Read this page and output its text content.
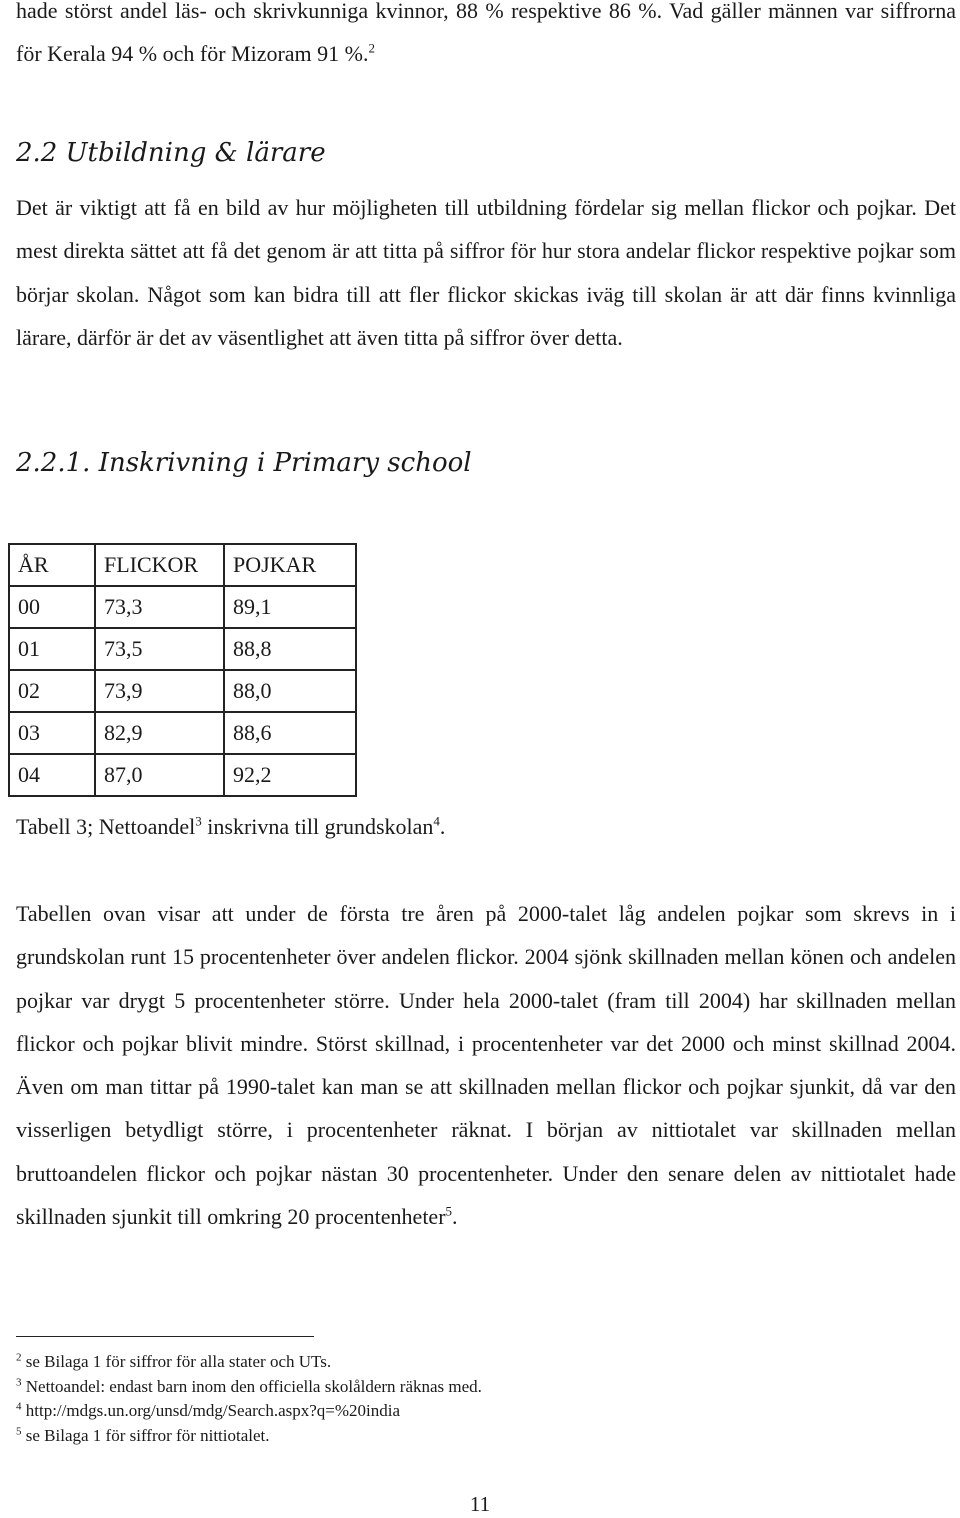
hade störst andel läs- och skrivkunniga kvinnor, 88 % respektive 86 %. Vad gäller männen var siffrorna för Kerala 94 % och för Mizoram 91 %.$^2$

2.2 Utbildning & lärare

Det är viktigt att få en bild av hur möjligheten till utbildning fördelar sig mellan flickor och pojkar. Det mest direkta sättet att få det genom är att titta på siffror för hur stora andelar flickor respektive pojkar som börjar skolan. Något som kan bidra till att fler flickor skickas iväg till skolan är att där finns kvinnliga lärare, därför är det av väsentlighet att även titta på siffror över detta.

2.2.1. Inskrivning i Primary school
ÅR	FLICKOR	POJKAR
00	73,3	89,1
01	73,5	88,8
02	73,9	88,0
03	82,9	88,6
04	87,0	92,2
Tabell 3; Nettoandel$^3$ inskrivna till grundskolan$^4$.

Tabellen ovan visar att under de första tre åren på 2000-talet låg andelen pojkar som skrevs in i grundskolan runt 15 procentenheter över andelen flickor. 2004 sjönk skillnaden mellan könen och andelen pojkar var drygt 5 procentenheter större. Under hela 2000-talet (fram till 2004) har skillnaden mellan flickor och pojkar blivit mindre. Störst skillnad, i procentenheter var det 2000 och minst skillnad 2004. Även om man tittar på 1990-talet kan man se att skillnaden mellan flickor och pojkar sjunkit, då var den visserligen betydligt större, i procentenheter räknat. I början av nittiotalet var skillnaden mellan bruttoandelen flickor och pojkar nästan 30 procentenheter. Under den senare delen av nittiotalet hade skillnaden sjunkit till omkring 20 procentenheter$^5$.

$^2$ se Bilaga 1 för siffror för alla stater och UTs.
$^3$ Nettoandel: endast barn inom den officiella skolåldern räknas med.
$^4$ http://mdgs.un.org/unsd/mdg/Search.aspx?q=%20india
$^5$ se Bilaga 1 för siffror för nittiotalet.
11
